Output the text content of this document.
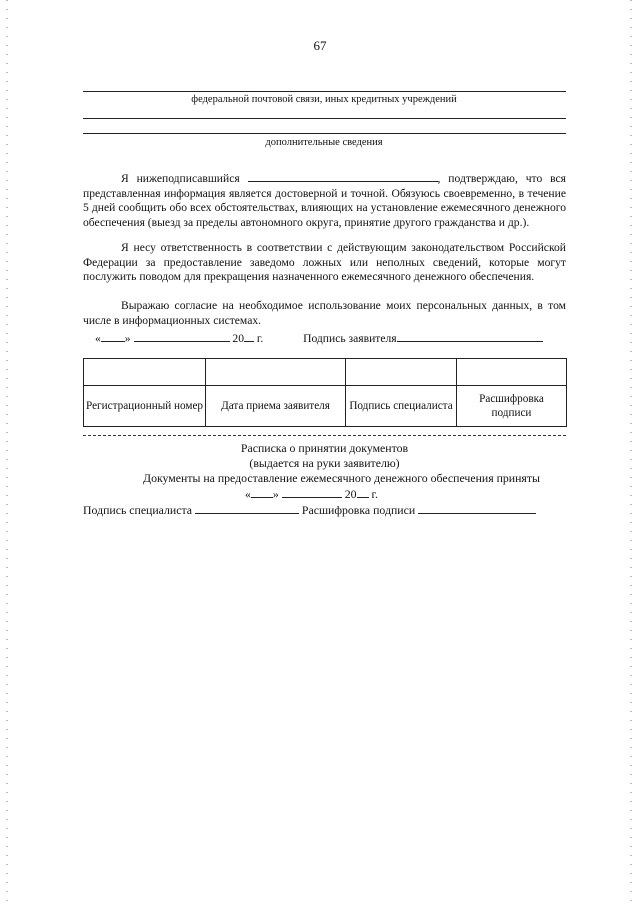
67
федеральной почтовой связи, иных кредитных учреждений
дополнительные сведения
Я нижеподписавшийся	, подтверждаю, что вся представленная информация является достоверной и точной. Обязуюсь своевременно, в течение 5 дней сообщить обо всех обстоятельствах, влияющих на установление ежемесячного денежного обеспечения (выезд за пределы автономного округа, принятие другого гражданства и др.).
Я несу ответственность в соответствии с действующим законодательством Российской Федерации за предоставление заведомо ложных или неполных сведений, которые могут послужить поводом для прекращения назначенного ежемесячного денежного обеспечения.
Выражаю согласие на необходимое использование моих персональных данных, в том числе в информационных системах.
« »	20 г.	Подпись заявителя

Регистрационный номер	Дата приема заявителя	Подпись специалиста	Расшифровка подписи
Расписка о принятии документов
(выдается на руки заявителю)
Документы на предоставление ежемесячного денежного обеспечения приняты
« »	20 г.
Подпись специалиста	Расшифровка подписи
